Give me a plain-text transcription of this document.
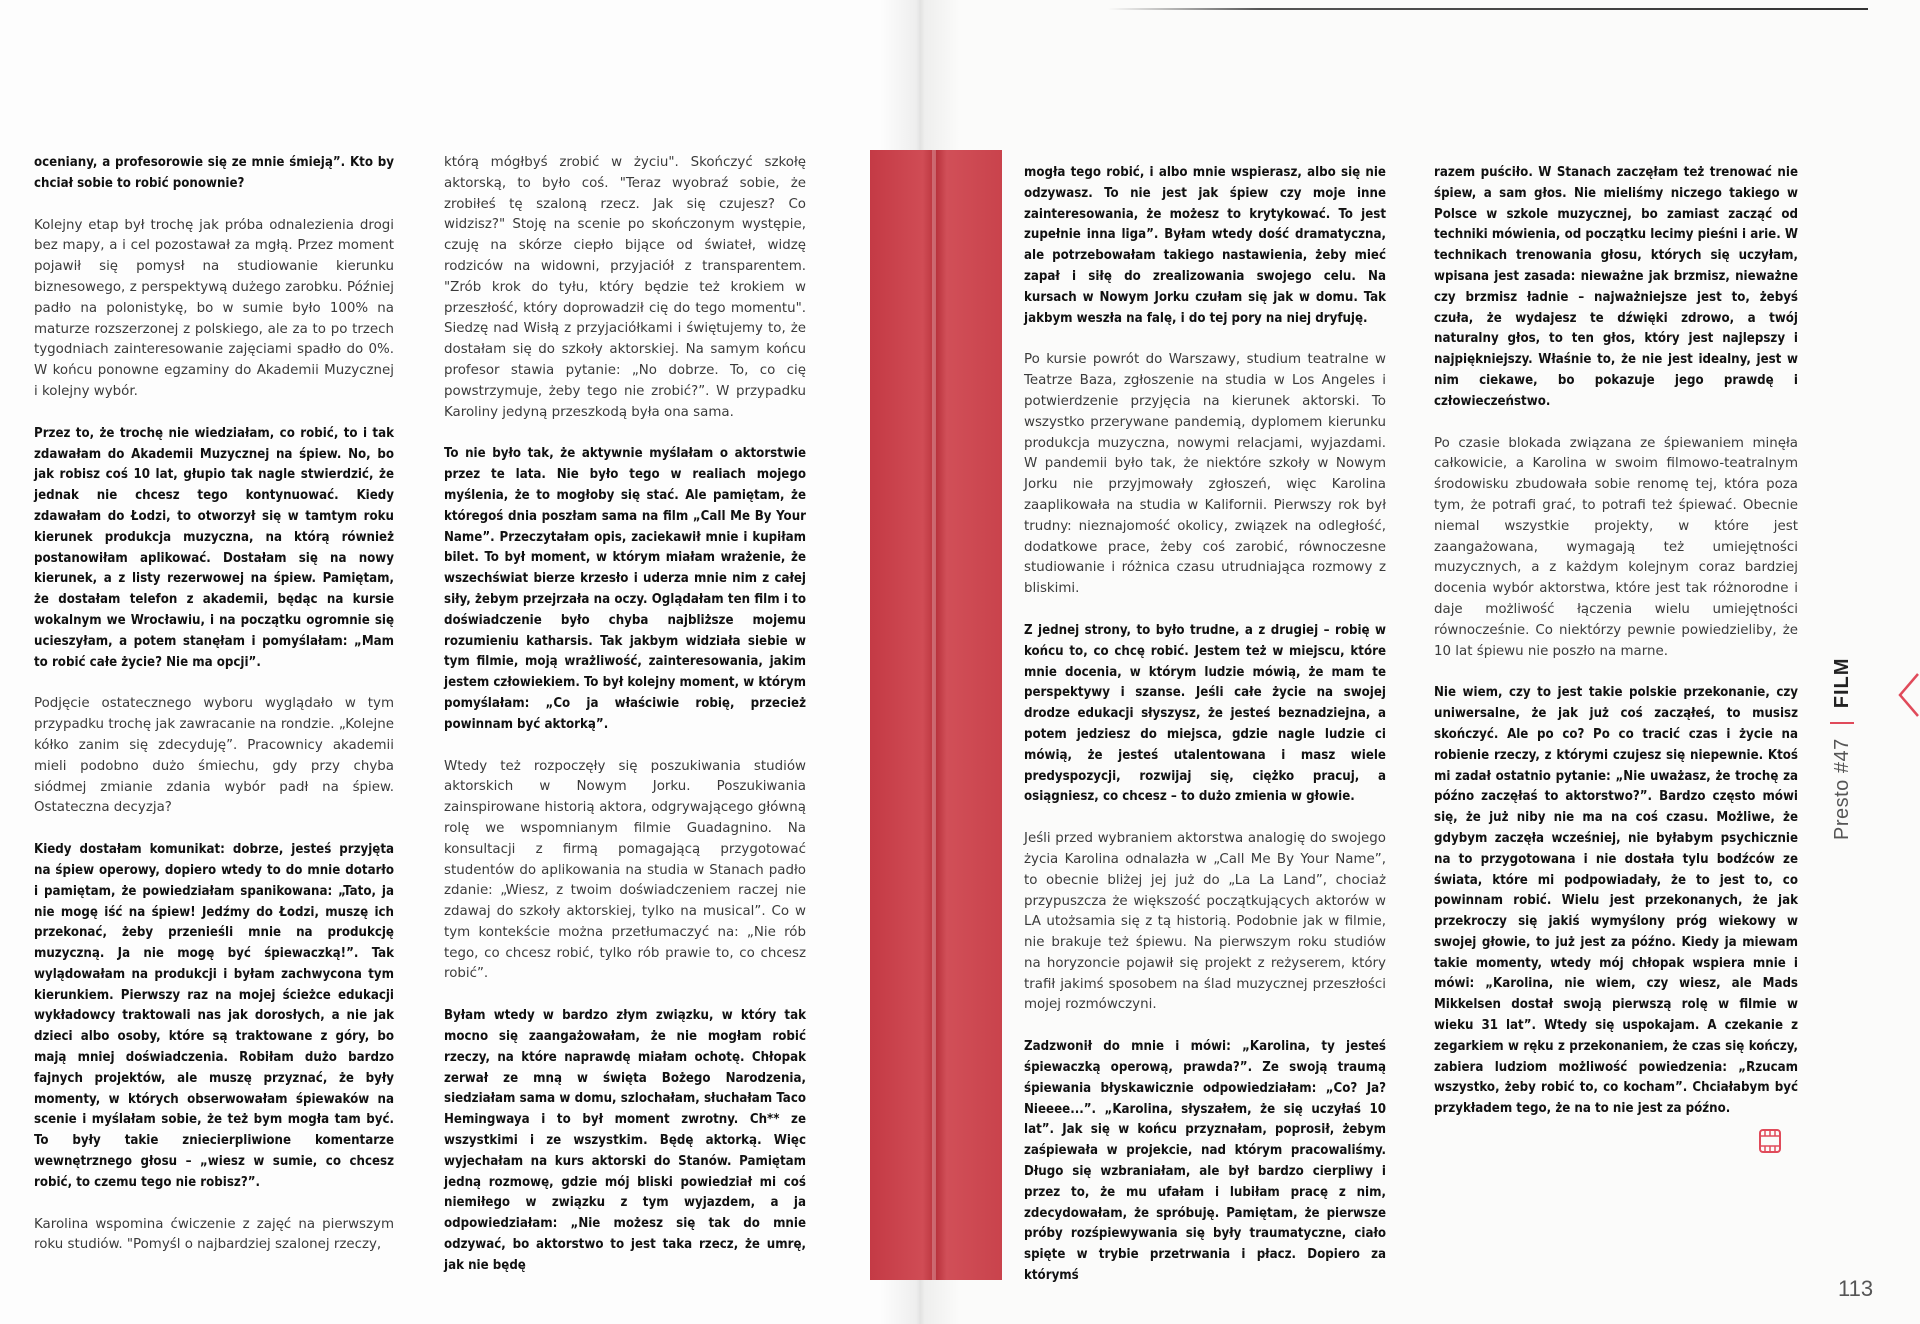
oceniany, a profesorowie się ze mnie śmieją”. Kto by chciał sobie to robić ponownie?

Kolejny etap był trochę jak próba odnalezienia drogi bez mapy, a i cel pozostawał za mgłą. Przez moment pojawił się pomysł na studiowanie kierunku biznesowego, z perspektywą dużego zarobku. Później padło na polonistykę, bo w sumie było 100% na maturze rozszerzonej z polskiego, ale za to po trzech tygodniach zainteresowanie zajęciami spadło do 0%. W końcu ponowne egzaminy do Akademii Muzycznej i kolejny wybór.

Przez to, że trochę nie wiedziałam, co robić, to i tak zdawałam do Akademii Muzycznej na śpiew. No, bo jak robisz coś 10 lat, głupio tak nagle stwierdzić, że jednak nie chcesz tego kontynuować. Kiedy zdawałam do Łodzi, to otworzył się w tamtym roku kierunek produkcja muzyczna, na którą również postanowiłam aplikować. Dostałam się na nowy kierunek, a z listy rezerwowej na śpiew. Pamiętam, że dostałam telefon z akademii, będąc na kursie wokalnym we Wrocławiu, i na początku ogromnie się ucieszyłam, a potem stanęłam i pomyślałam: „Mam to robić całe życie? Nie ma opcji”.

Podjęcie ostatecznego wyboru wyglądało w tym przypadku trochę jak zawracanie na rondzie. „Kolejne kółko zanim się zdecyduję”. Pracownicy akademii mieli podobno dużo śmiechu, gdy przy chyba siódmej zmianie zdania wybór padł na śpiew. Ostateczna decyzja?

Kiedy dostałam komunikat: dobrze, jesteś przyjęta na śpiew operowy, dopiero wtedy to do mnie dotarło i pamiętam, że powiedziałam spanikowana: „Tato, ja nie mogę iść na śpiew! Jedźmy do Łodzi, muszę ich przekonać, żeby przenieśli mnie na produkcję muzyczną. Ja nie mogę być śpiewaczką!”. Tak wylądowałam na produkcji i byłam zachwycona tym kierunkiem. Pierwszy raz na mojej ścieżce edukacji wykładowcy traktowali nas jak dorosłych, a nie jak dzieci albo osoby, które są traktowane z góry, bo mają mniej doświadczenia. Robiłam dużo bardzo fajnych projektów, ale muszę przyznać, że były momenty, w których obserwowałam śpiewaków na scenie i myślałam sobie, że też bym mogła tam być. To były takie zniecierpliwione komentarze wewnętrznego głosu – „wiesz w sumie, co chcesz robić, to czemu tego nie robisz?”.

Karolina wspomina ćwiczenie z zajęć na pierwszym roku studiów. "Pomyśl o najbardziej szalonej rzeczy,

którą mógłbyś zrobić w życiu". Skończyć szkołę aktorską, to było coś. "Teraz wyobraź sobie, że zrobiłeś tę szaloną rzecz. Jak się czujesz? Co widzisz?" Stoję na scenie po skończonym występie, czuję na skórze ciepło bijące od świateł, widzę rodziców na widowni, przyjaciół z transparentem. "Zrób krok do tyłu, który będzie też krokiem w przeszłość, który doprowadził cię do tego momentu". Siedzę nad Wisłą z przyjaciółkami i świętujemy to, że dostałam się do szkoły aktorskiej. Na samym końcu profesor stawia pytanie: „No dobrze. To, co cię powstrzymuje, żeby tego nie zrobić?”. W przypadku Karoliny jedyną przeszkodą była ona sama.

To nie było tak, że aktywnie myślałam o aktorstwie przez te lata. Nie było tego w realiach mojego myślenia, że to mogłoby się stać. Ale pamiętam, że któregoś dnia poszłam sama na film „Call Me By Your Name”. Przeczytałam opis, zaciekawił mnie i kupiłam bilet. To był moment, w którym miałam wrażenie, że wszechświat bierze krzesło i uderza mnie nim z całej siły, żebym przejrzała na oczy. Oglądałam ten film i to doświadczenie było chyba najbliższe mojemu rozumieniu katharsis. Tak jakbym widziała siebie w tym filmie, moją wrażliwość, zainteresowania, jakim jestem człowiekiem. To był kolejny moment, w którym pomyślałam: „Co ja właściwie robię, przecież powinnam być aktorką”.

Wtedy też rozpoczęły się poszukiwania studiów aktorskich w Nowym Jorku. Poszukiwania zainspirowane historią aktora, odgrywającego główną rolę we wspomnianym filmie Guadagnino. Na konsultacji z firmą pomagającą przygotować studentów do aplikowania na studia w Stanach padło zdanie: „Wiesz, z twoim doświadczeniem raczej nie zdawaj do szkoły aktorskiej, tylko na musical”. Co w tym kontekście można przetłumaczyć na: „Nie rób tego, co chcesz robić, tylko rób prawie to, co chcesz robić”.

Byłam wtedy w bardzo złym związku, w który tak mocno się zaangażowałam, że nie mogłam robić rzeczy, na które naprawdę miałam ochotę. Chłopak zerwał ze mną w święta Bożego Narodzenia, siedziałam sama w domu, szlochałam, słuchałam Taco Hemingwaya i to był moment zwrotny. Ch** ze wszystkimi i ze wszystkim. Będę aktorką. Więc wyjechałam na kurs aktorski do Stanów. Pamiętam jedną rozmowę, gdzie mój bliski powiedział mi coś niemiłego w związku z tym wyjazdem, a ja odpowiedziałam: „Nie możesz się tak do mnie odzywać, bo aktorstwo to jest taka rzecz, że umrę, jak nie będę

mogła tego robić, i albo mnie wspierasz, albo się nie odzywasz. To nie jest jak śpiew czy moje inne zainteresowania, że możesz to krytykować. To jest zupełnie inna liga”. Byłam wtedy dość dramatyczna, ale potrzebowałam takiego nastawienia, żeby mieć zapał i siłę do zrealizowania swojego celu. Na kursach w Nowym Jorku czułam się jak w domu. Tak jakbym weszła na falę, i do tej pory na niej dryfuję.

Po kursie powrót do Warszawy, studium teatralne w Teatrze Baza, zgłoszenie na studia w Los Angeles i potwierdzenie przyjęcia na kierunek aktorski. To wszystko przerywane pandemią, dyplomem kierunku produkcja muzyczna, nowymi relacjami, wyjazdami. W pandemii było tak, że niektóre szkoły w Nowym Jorku nie przyjmowały zgłoszeń, więc Karolina zaaplikowała na studia w Kalifornii. Pierwszy rok był trudny: nieznajomość okolicy, związek na odległość, dodatkowe prace, żeby coś zarobić, równoczesne studiowanie i różnica czasu utrudniająca rozmowy z bliskimi.

Z jednej strony, to było trudne, a z drugiej – robię w końcu to, co chcę robić. Jestem też w miejscu, które mnie docenia, w którym ludzie mówią, że mam te perspektywy i szanse. Jeśli całe życie na swojej drodze edukacji słyszysz, że jesteś beznadziejna, a potem jedziesz do miejsca, gdzie nagle ludzie ci mówią, że jesteś utalentowana i masz wiele predyspozycji, rozwijaj się, ciężko pracuj, a osiągniesz, co chcesz – to dużo zmienia w głowie.

Jeśli przed wybraniem aktorstwa analogię do swojego życia Karolina odnalazła w „Call Me By Your Name”, to obecnie bliżej jej już do „La La Land”, chociaż przypuszcza że większość początkujących aktorów w LA utożsamia się z tą historią. Podobnie jak w filmie, nie brakuje też śpiewu. Na pierwszym roku studiów na horyzoncie pojawił się projekt z reżyserem, który trafił jakimś sposobem na ślad muzycznej przeszłości mojej rozmówczyni.

Zadzwonił do mnie i mówi: „Karolina, ty jesteś śpiewaczką operową, prawda?”. Ze swoją traumą śpiewania błyskawicznie odpowiedziałam: „Co? Ja? Nieeee...”. „Karolina, słyszałem, że się uczyłaś 10 lat”. Jak się w końcu przyznałam, poprosił, żebym zaśpiewała w projekcie, nad którym pracowaliśmy. Długo się wzbraniałam, ale był bardzo cierpliwy i przez to, że mu ufałam i lubiłam pracę z nim, zdecydowałam, że spróbuję. Pamiętam, że pierwsze próby rozśpiewywania się były traumatyczne, ciało spięte w trybie przetrwania i płacz. Dopiero za którymś

razem puściło. W Stanach zaczęłam też trenować nie śpiew, a sam głos. Nie mieliśmy niczego takiego w Polsce w szkole muzycznej, bo zamiast zacząć od techniki mówienia, od początku lecimy pieśni i arie. W technikach trenowania głosu, których się uczyłam, wpisana jest zasada: nieważne jak brzmisz, nieważne czy brzmisz ładnie – najważniejsze jest to, żebyś czuła, że wydajesz te dźwięki zdrowo, a twój naturalny głos, to ten głos, który jest najlepszy i najpiękniejszy. Właśnie to, że nie jest idealny, jest w nim ciekawe, bo pokazuje jego prawdę i człowieczeństwo.

Po czasie blokada związana ze śpiewaniem minęła całkowicie, a Karolina w swoim filmowo-teatralnym środowisku zbudowała sobie renomę tej, która poza tym, że potrafi grać, to potrafi też śpiewać. Obecnie niemal wszystkie projekty, w które jest zaangażowana, wymagają też umiejętności muzycznych, a z każdym kolejnym coraz bardziej docenia wybór aktorstwa, które jest tak różnorodne i daje możliwość łączenia wielu umiejętności równocześnie. Co niektórzy pewnie powiedzieliby, że 10 lat śpiewu nie poszło na marne.

Nie wiem, czy to jest takie polskie przekonanie, czy uniwersalne, że jak już coś zacząłeś, to musisz skończyć. Ale po co? Po co tracić czas i życie na robienie rzeczy, z którymi czujesz się niepewnie. Ktoś mi zadał ostatnio pytanie: „Nie uważasz, że trochę za późno zaczęłaś to aktorstwo?”. Bardzo często mówi się, że już niby nie ma na coś czasu. Możliwe, że gdybym zaczęła wcześniej, nie byłabym psychicznie na to przygotowana i nie dostała tylu bodźców ze świata, które mi podpowiadały, że to jest to, co powinnam robić. Wielu jest przekonanych, że jak przekroczy się jakiś wymyślony próg wiekowy w swojej głowie, to już jest za późno. Kiedy ja miewam takie momenty, wtedy mój chłopak wspiera mnie i mówi: „Karolina, nie wiem, czy wiesz, ale Mads Mikkelsen dostał swoją pierwszą rolę w filmie w wieku 31 lat”. Wtedy się uspokajam. A czekanie z zegarkiem w ręku z przekonaniem, że czas się kończy, zabiera ludziom możliwość powiedzenia: „Rzucam wszystko, żeby robić to, co kocham”. Chciałabym być przykładem tego, że na to nie jest za późno.

Presto #47
FILM
113
